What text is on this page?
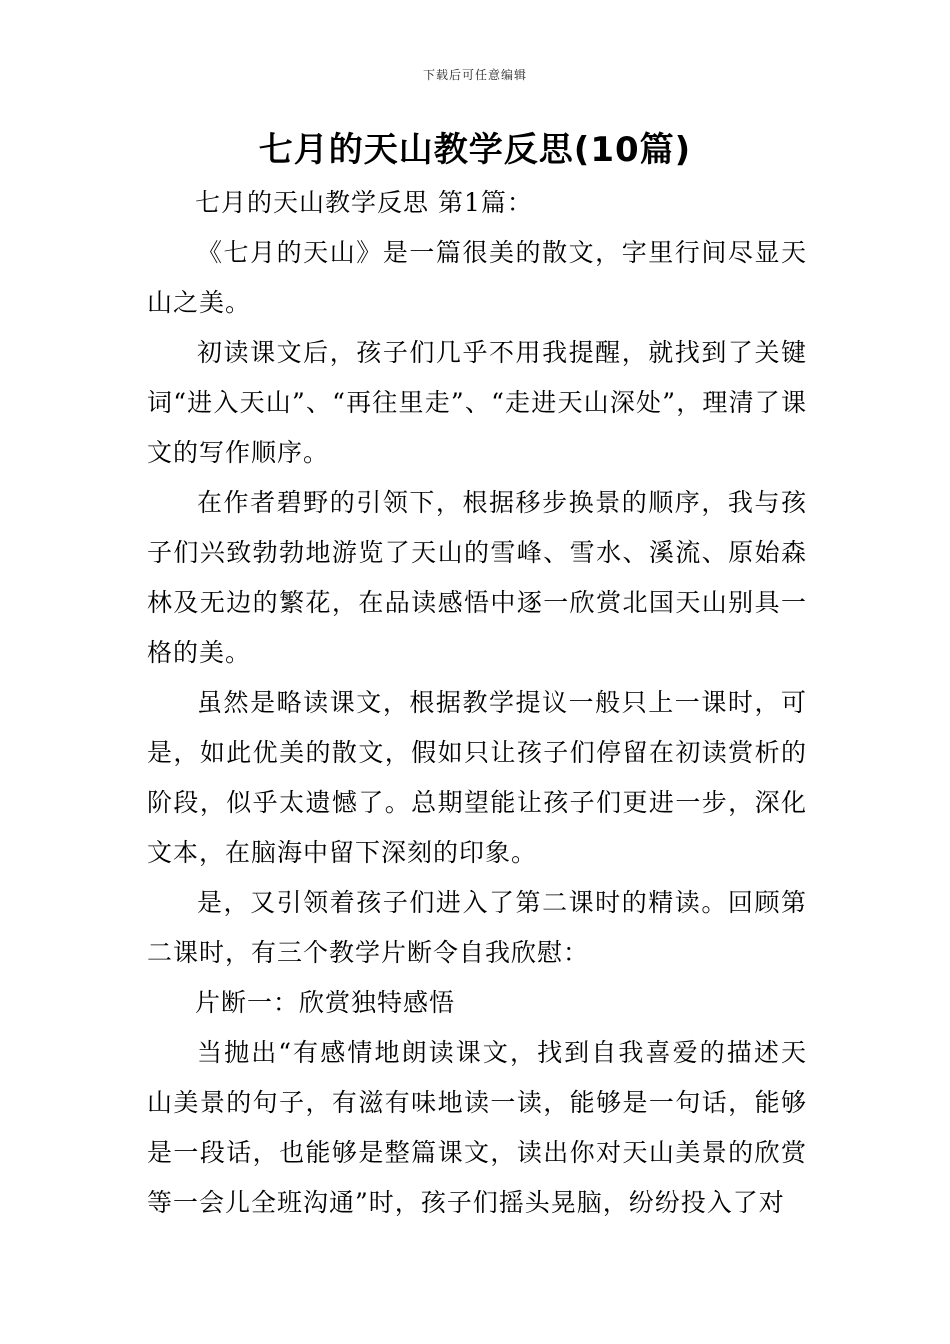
下载后可任意编辑
七月的天山教学反思(10篇)

七月的天山教学反思 第1篇：

《七月的天山》是一篇很美的散文，字里行间尽显天山之美。

初读课文后，孩子们几乎不用我提醒，就找到了关键词“进入天山”、“再往里走”、“走进天山深处”，理清了课文的写作顺序。

在作者碧野的引领下，根据移步换景的顺序，我与孩子们兴致勃勃地游览了天山的雪峰、雪水、溪流、原始森林及无边的繁花，在品读感悟中逐一欣赏北国天山别具一格的美。

虽然是略读课文，根据教学提议一般只上一课时，可是，如此优美的散文，假如只让孩子们停留在初读赏析的阶段，似乎太遗憾了。总期望能让孩子们更进一步，深化文本，在脑海中留下深刻的印象。

是，又引领着孩子们进入了第二课时的精读。回顾第二课时，有三个教学片断令自我欣慰：

片断一：欣赏独特感悟

当抛出“有感情地朗读课文，找到自我喜爱的描述天山美景的句子，有滋有味地读一读，能够是一句话，能够是一段话，也能够是整篇课文，读出你对天山美景的欣赏等一会儿全班沟通”时，孩子们摇头晃脑，纷纷投入了对
